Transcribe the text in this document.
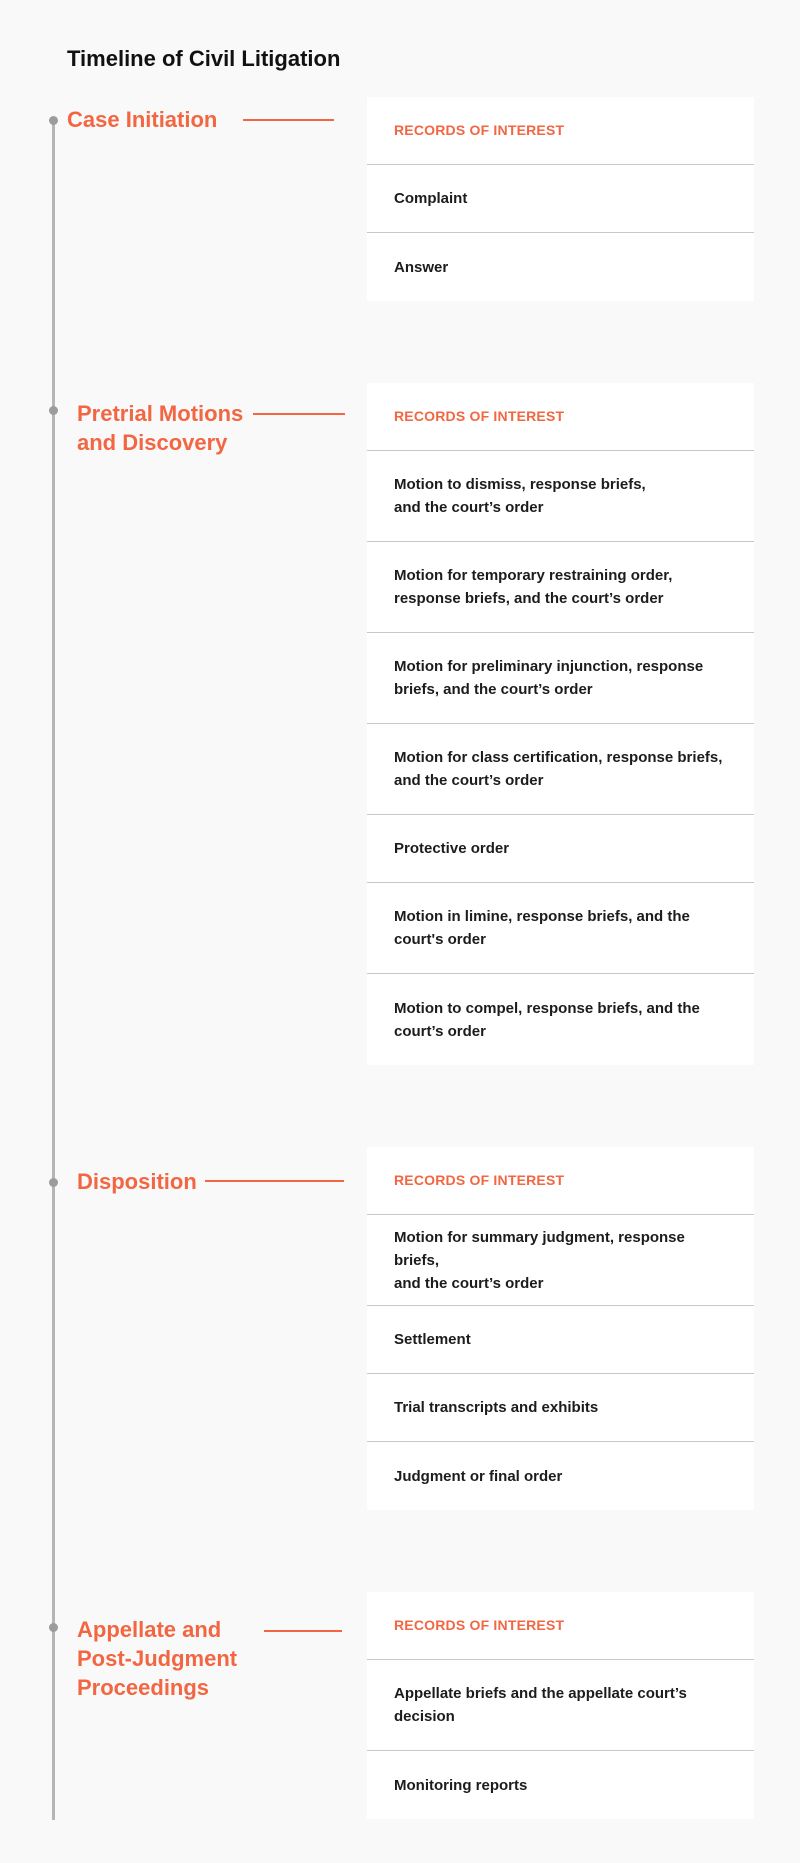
Timeline of Civil Litigation
Case Initiation	RECORDS OF INTEREST
Complaint
Answer
Pretrial Motions
and Discovery
RECORDS OF INTEREST
Motion to dismiss, response briefs,
and the court’s order
Motion for temporary restraining order,
response briefs, and the court’s order
Motion for preliminary injunction, response
briefs, and the court’s order
Motion for class certification, response briefs,
and the court’s order
Protective order
Motion in limine, response briefs, and the
court's order
Motion to compel, response briefs, and the
court’s order
Disposition	RECORDS OF INTEREST
Motion for summary judgment, response briefs,
and the court’s order
Settlement
Trial transcripts and exhibits
Judgment or final order
Appellate and
Post-Judgment
Proceedings
RECORDS OF INTEREST
Appellate briefs and the appellate court’s
decision
Monitoring reports
